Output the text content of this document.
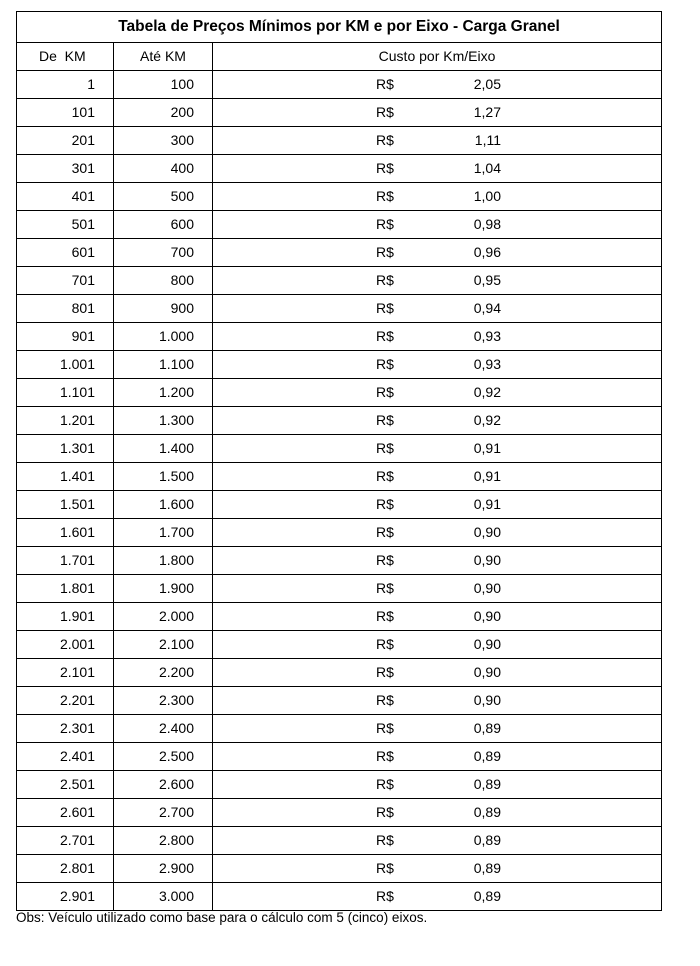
Tabela de Preços Mínimos por KM e por Eixo - Carga Granel		
De  KM	Até KM	Custo por Km/Eixo
1	100	R$ 2,05

101	200	R$ 1,27

201	300	R$ 1,11

301	400	R$ 1,04

401	500	R$ 1,00

501	600	R$ 0,98

601	700	R$ 0,96

701	800	R$ 0,95

801	900	R$ 0,94

901	1.000	R$ 0,93

1.001	1.100	R$ 0,93

1.101	1.200	R$ 0,92

1.201	1.300	R$ 0,92

1.301	1.400	R$ 0,91

1.401	1.500	R$ 0,91

1.501	1.600	R$ 0,91

1.601	1.700	R$ 0,90

1.701	1.800	R$ 0,90

1.801	1.900	R$ 0,90

1.901	2.000	R$ 0,90

2.001	2.100	R$ 0,90

2.101	2.200	R$ 0,90

2.201	2.300	R$ 0,90

2.301	2.400	R$ 0,89

2.401	2.500	R$ 0,89

2.501	2.600	R$ 0,89

2.601	2.700	R$ 0,89

2.701	2.800	R$ 0,89

2.801	2.900	R$ 0,89

2.901	3.000	R$ 0,89
Obs: Veículo utilizado como base para o cálculo com 5 (cinco) eixos.
